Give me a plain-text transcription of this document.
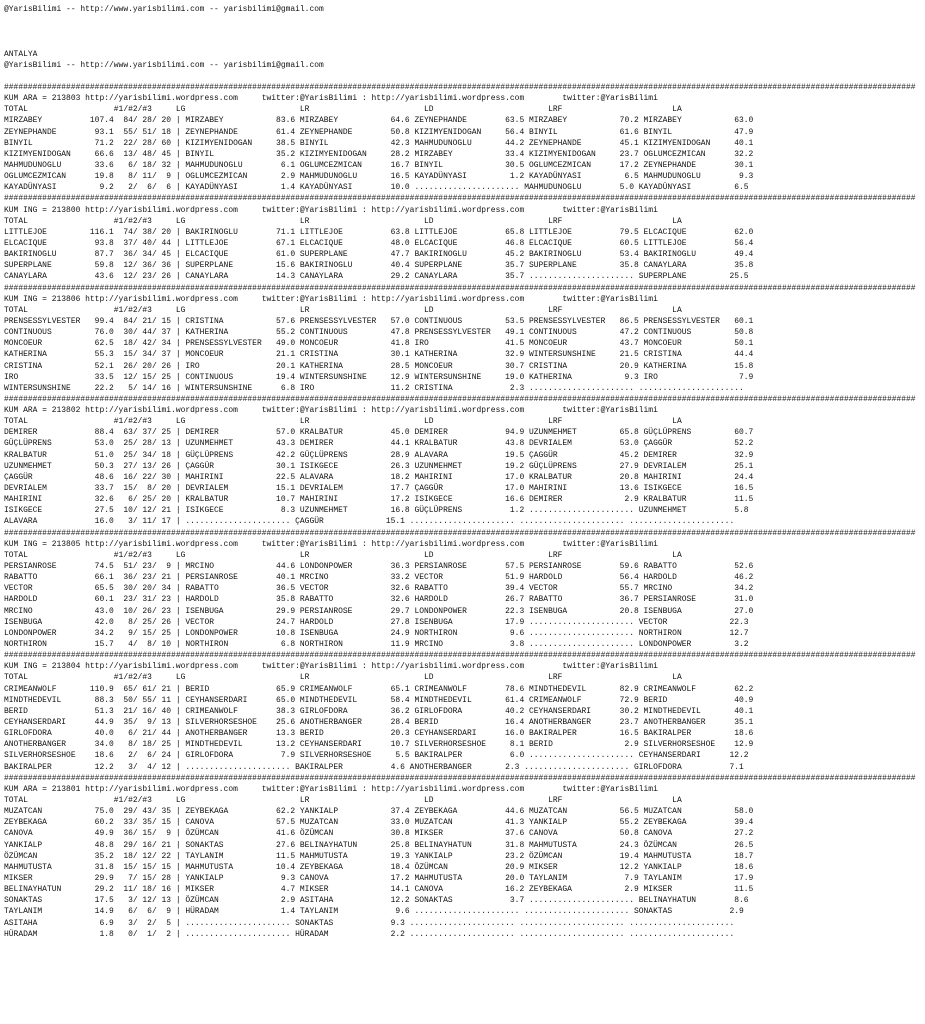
@YarisBilimi -- http://www.yarisbilimi.com -- yarisbilimi@gmail.com
ANTALYA
@YarisBilimi -- http://www.yarisbilimi.com -- yarisbilimi@gmail.com
###############################################################################################################################################################################################
KUM ARA = 213803 http://yarisbilimi.wordpress.com     twitter:@YarisBilimi : http://yarisbilimi.wordpress.com        twitter:@YarisBilimi
TOTAL                  #1/#2/#3     LG                        LR                        LD                        LRF                       LA
MIRZABEY          107.4  84/ 28/ 20 | MIRZABEY           83.6 MIRZABEY           64.6 ZEYNEPHANDE        63.5 MIRZABEY           70.2 MIRZABEY           63.0
ZEYNEPHANDE        93.1  55/ 51/ 18 | ZEYNEPHANDE        61.4 ZEYNEPHANDE        50.8 KIZIMYENIDOGAN     56.4 BINYIL             61.6 BINYIL             47.9
BINYIL             71.2  22/ 28/ 60 | KIZIMYENIDOGAN     38.5 BINYIL             42.3 MAHMUDUNOGLU       44.2 ZEYNEPHANDE        45.1 KIZIMYENIDOGAN     40.1
KIZIMYENIDOGAN     66.6  13/ 48/ 45 | BINYIL             35.2 KIZIMYENIDOGAN     28.2 MIRZABEY           33.4 KIZIMYENIDOGAN     23.7 OGLUMCEZMICAN      32.2
MAHMUDUNOGLU       33.6   6/ 18/ 32 | MAHMUDUNOGLU        6.1 OGLUMCEZMICAN      16.7 BINYIL             30.5 OGLUMCEZMICAN      17.2 ZEYNEPHANDE        30.1
OGLUMCEZMICAN      19.8   8/ 11/  9 | OGLUMCEZMICAN       2.9 MAHMUDUNOGLU       16.5 KAYADÜNYASI         1.2 KAYADÜNYASI         6.5 MAHMUDUNOGLU        9.3
KAYADÜNYASI         9.2   2/  6/  6 | KAYADÜNYASI         1.4 KAYADÜNYASI        10.0 ...................... MAHMUDUNOGLU        5.0 KAYADÜNYASI         6.5
###############################################################################################################################################################################################
KUM ING = 213800 http://yarisbilimi.wordpress.com     twitter:@YarisBilimi : http://yarisbilimi.wordpress.com        twitter:@YarisBilimi
TOTAL                  #1/#2/#3     LG                        LR                        LD                        LRF                       LA
LITTLEJOE         116.1  74/ 38/ 20 | BAKIRINOGLU        71.1 LITTLEJOE          63.8 LITTLEJOE          65.8 LITTLEJOE          79.5 ELCACIQUE          62.0
ELCACIQUE          93.8  37/ 40/ 44 | LITTLEJOE          67.1 ELCACIQUE          48.0 ELCACIQUE          46.8 ELCACIQUE          60.5 LITTLEJOE          56.4
BAKIRINOGLU        87.7  36/ 34/ 45 | ELCACIQUE          61.0 SUPERPLANE         47.7 BAKIRINOGLU        45.2 BAKIRINOGLU        53.4 BAKIRINOGLU        49.4
SUPERPLANE         59.8  12/ 36/ 36 | SUPERPLANE         15.6 BAKIRINOGLU        40.4 SUPERPLANE         35.7 SUPERPLANE         35.8 CANAYLARA          35.8
CANAYLARA          43.6  12/ 23/ 26 | CANAYLARA          14.3 CANAYLARA          29.2 CANAYLARA          35.7 ...................... SUPERPLANE         25.5
###############################################################################################################################################################################################
KUM ING = 213806 http://yarisbilimi.wordpress.com     twitter:@YarisBilimi : http://yarisbilimi.wordpress.com        twitter:@YarisBilimi
TOTAL                  #1/#2/#3     LG                        LR                        LD                        LRF                       LA
PRENSESSYLVESTER   99.4  84/ 21/ 15 | CRISTINA           57.6 PRENSESSYLVESTER   57.0 CONTINUOUS         53.5 PRENSESSYLVESTER   86.5 PRENSESSYLVESTER   60.1
CONTINUOUS         76.0  30/ 44/ 37 | KATHERINA          55.2 CONTINUOUS         47.8 PRENSESSYLVESTER   49.1 CONTINUOUS         47.2 CONTINUOUS         50.8
MONCOEUR           62.5  18/ 42/ 34 | PRENSESSYLVESTER   49.0 MONCOEUR           41.8 IRO                41.5 MONCOEUR           43.7 MONCOEUR           50.1
KATHERINA          55.3  15/ 34/ 37 | MONCOEUR           21.1 CRISTINA           30.1 KATHERINA          32.9 WINTERSUNSHINE     21.5 CRISTINA           44.4
CRISTINA           52.1  26/ 20/ 26 | IRO                20.1 KATHERINA          28.5 MONCOEUR           30.7 CRISTINA           20.9 KATHERINA          15.8
IRO                33.5  12/ 15/ 25 | CONTINUOUS         19.4 WINTERSUNSHINE     12.9 WINTERSUNSHINE     19.0 KATHERINA           9.3 IRO                 7.9
WINTERSUNSHINE     22.2   5/ 14/ 16 | WINTERSUNSHINE      6.8 IRO                11.2 CRISTINA            2.3 ...................... ......................
###############################################################################################################################################################################################
KUM ARA = 213802 http://yarisbilimi.wordpress.com     twitter:@YarisBilimi : http://yarisbilimi.wordpress.com        twitter:@YarisBilimi
TOTAL                  #1/#2/#3     LG                        LR                        LD                        LRF                       LA
DEMIRER            88.4  63/ 37/ 25 | DEMIRER            57.0 KRALBATUR          45.0 DEMIRER            94.9 UZUNMEHMET         65.8 GÜÇLÜPRENS         60.7
GÜÇLÜPRENS         53.0  25/ 28/ 13 | UZUNMEHMET         43.3 DEMIRER            44.1 KRALBATUR          43.8 DEVRIALEM          53.0 ÇAGGÜR             52.2
KRALBATUR          51.0  25/ 34/ 18 | GÜÇLÜPRENS         42.2 GÜÇLÜPRENS         28.9 ALAVARA            19.5 ÇAGGÜR             45.2 DEMIRER            32.9
UZUNMEHMET         50.3  27/ 13/ 26 | ÇAGGÜR             30.1 ISIKGECE           26.3 UZUNMEHMET         19.2 GÜÇLÜPRENS         27.9 DEVRIALEM          25.1
ÇAGGÜR             48.6  16/ 22/ 30 | MAHIRINI           22.5 ALAVARA            18.2 MAHIRINI           17.0 KRALBATUR          20.8 MAHIRINI           24.4
DEVRIALEM          33.7  15/  8/ 20 | DEVRIALEM          15.1 DEVRIALEM          17.7 ÇAGGÜR             17.0 MAHIRINI           13.6 ISIKGECE           16.5
MAHIRINI           32.6   6/ 25/ 20 | KRALBATUR          10.7 MAHIRINI           17.2 ISIKGECE           16.6 DEMIRER             2.9 KRALBATUR          11.5
ISIKGECE           27.5  10/ 12/ 21 | ISIKGECE            8.3 UZUNMEHMET         16.8 GÜÇLÜPRENS          1.2 ...................... UZUNMEHMET          5.8
ALAVARA            16.0   3/ 11/ 17 | ...................... ÇAGGÜR             15.1 ...................... ...................... ......................
###############################################################################################################################################################################################
KUM ING = 213805 http://yarisbilimi.wordpress.com     twitter:@YarisBilimi : http://yarisbilimi.wordpress.com        twitter:@YarisBilimi
TOTAL                  #1/#2/#3     LG                        LR                        LD                        LRF                       LA
PERSIANROSE        74.5  51/ 23/  9 | MRCINO             44.6 LONDONPOWER        36.3 PERSIANROSE        57.5 PERSIANROSE        59.6 RABATTO            52.6
RABATTO            66.1  36/ 23/ 21 | PERSIANROSE        40.1 MRCINO             33.2 VECTOR             51.9 HARDOLD            56.4 HARDOLD            46.2
VECTOR             65.5  30/ 20/ 34 | RABATTO            36.5 VECTOR             32.6 RABATTO            39.4 VECTOR             55.7 MRCINO             34.2
HARDOLD            60.1  23/ 31/ 23 | HARDOLD            35.8 RABATTO            32.6 HARDOLD            26.7 RABATTO            36.7 PERSIANROSE        31.0
MRCINO             43.0  10/ 26/ 23 | ISENBUGA           29.9 PERSIANROSE        29.7 LONDONPOWER        22.3 ISENBUGA           20.8 ISENBUGA           27.0
ISENBUGA           42.0   8/ 25/ 26 | VECTOR             24.7 HARDOLD            27.8 ISENBUGA           17.9 ...................... VECTOR             22.3
LONDONPOWER        34.2   9/ 15/ 25 | LONDONPOWER        10.8 ISENBUGA           24.9 NORTHIRON           9.6 ...................... NORTHIRON          12.7
NORTHIRON          15.7   4/  8/ 10 | NORTHIRON           6.8 NORTHIRON          11.9 MRCINO              3.8 ...................... LONDONPOWER         3.2
###############################################################################################################################################################################################
KUM ING = 213804 http://yarisbilimi.wordpress.com     twitter:@YarisBilimi : http://yarisbilimi.wordpress.com        twitter:@YarisBilimi
TOTAL                  #1/#2/#3     LG                        LR                        LD                        LRF                       LA
CRIMEANWOLF       110.9  65/ 61/ 21 | BERID              65.9 CRIMEANWOLF        65.1 CRIMEANWOLF        78.6 MINDTHEDEVIL       82.9 CRIMEANWOLF        62.2
MINDTHEDEVIL       88.3  50/ 55/ 11 | CEYHANSERDARI      65.0 MINDTHEDEVIL       58.4 MINDTHEDEVIL       61.4 CRIMEANWOLF        72.9 BERID              40.9
BERID              51.3  21/ 16/ 40 | CRIMEANWOLF        38.3 GIRLOFDORA         36.2 GIRLOFDORA         40.2 CEYHANSERDARI      30.2 MINDTHEDEVIL       40.1
CEYHANSERDARI      44.9  35/  9/ 13 | SILVERHORSESHOE    25.6 ANOTHERBANGER      28.4 BERID              16.4 ANOTHERBANGER      23.7 ANOTHERBANGER      35.1
GIRLOFDORA         40.0   6/ 21/ 44 | ANOTHERBANGER      13.3 BERID              20.3 CEYHANSERDARI      16.0 BAKIRALPER         16.5 BAKIRALPER         18.6
ANOTHERBANGER      34.0   8/ 18/ 25 | MINDTHEDEVIL       13.2 CEYHANSERDARI      10.7 SILVERHORSESHOE     8.1 BERID               2.9 SILVERHORSESHOE    12.9
SILVERHORSESHOE    18.6   2/  6/ 24 | GIRLOFDORA          7.9 SILVERHORSESHOE     5.5 BAKIRALPER          6.0 ...................... CEYHANSERDARI      12.2
BAKIRALPER         12.2   3/  4/ 12 | ...................... BAKIRALPER          4.6 ANOTHERBANGER       2.3 ...................... GIRLOFDORA          7.1
###############################################################################################################################################################################################
KUM ARA = 213801 http://yarisbilimi.wordpress.com     twitter:@YarisBilimi : http://yarisbilimi.wordpress.com        twitter:@YarisBilimi
TOTAL                  #1/#2/#3     LG                        LR                        LD                        LRF                       LA
MUZATCAN           75.0  29/ 43/ 35 | ZEYBEKAGA          62.2 YANKIALP           37.4 ZEYBEKAGA          44.6 MUZATCAN           56.5 MUZATCAN           58.0
ZEYBEKAGA          60.2  33/ 35/ 15 | CANOVA             57.5 MUZATCAN           33.0 MUZATCAN           41.3 YANKIALP           55.2 ZEYBEKAGA          39.4
CANOVA             49.9  36/ 15/  9 | ÖZÜMCAN            41.6 ÖZÜMCAN            30.8 MIKSER             37.6 CANOVA             50.8 CANOVA             27.2
YANKIALP           48.8  29/ 16/ 21 | SONAKTAS           27.6 BELINAYHATUN       25.8 BELINAYHATUN       31.8 MAHMUTUSTA         24.3 ÖZÜMCAN            26.5
ÖZÜMCAN            35.2  18/ 12/ 22 | TAYLANIM           11.5 MAHMUTUSTA         19.3 YANKIALP           23.2 ÖZÜMCAN            19.4 MAHMUTUSTA         18.7
MAHMUTUSTA         31.8  15/ 15/ 15 | MAHMUTUSTA         10.4 ZEYBEKAGA          18.4 ÖZÜMCAN            20.9 MIKSER             12.2 YANKIALP           18.6
MIKSER             29.9   7/ 15/ 28 | YANKIALP            9.3 CANOVA             17.2 MAHMUTUSTA         20.0 TAYLANIM            7.9 TAYLANIM           17.9
BELINAYHATUN       29.2  11/ 18/ 16 | MIKSER              4.7 MIKSER             14.1 CANOVA             16.2 ZEYBEKAGA           2.9 MIKSER             11.5
SONAKTAS           17.5   3/ 12/ 13 | ÖZÜMCAN             2.9 ASITAHA            12.2 SONAKTAS            3.7 ...................... BELINAYHATUN        8.6
TAYLANIM           14.9   6/  6/  9 | HÜRADAM             1.4 TAYLANIM            9.6 ...................... ...................... SONAKTAS            2.9
ASITAHA             6.9   3/  2/  5 | ...................... SONAKTAS            9.3 ...................... ...................... ......................
HÜRADAM             1.8   0/  1/  2 | ...................... HÜRADAM             2.2 ...................... ...................... ......................
